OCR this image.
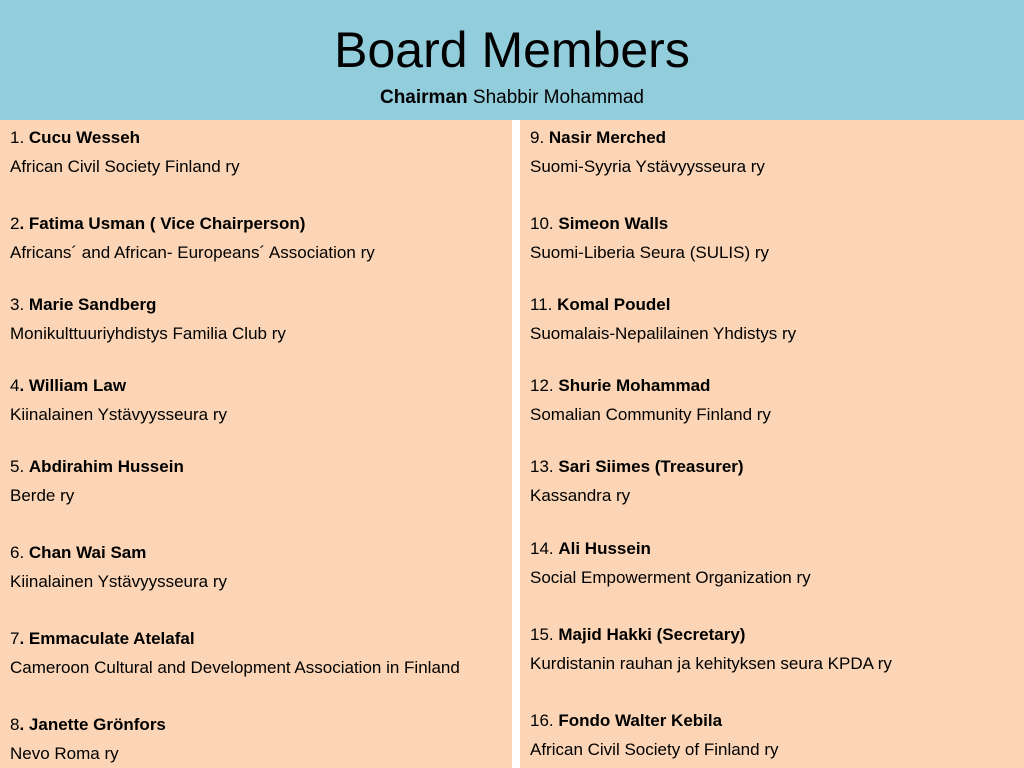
Board Members
Chairman Shabbir Mohammad
1. Cucu Wesseh
African Civil Society Finland ry
2. Fatima Usman ( Vice Chairperson)
Africans´ and African- Europeans´ Association ry
3. Marie Sandberg
Monikulttuuriyhdistys Familia Club ry
4. William Law
Kiinalainen Ystävyysseura ry
5. Abdirahim Hussein
Berde ry
6. Chan Wai Sam
Kiinalainen Ystävyysseura ry
7. Emmaculate Atelafal
Cameroon Cultural and Development Association in Finland
8. Janette Grönfors
Nevo Roma ry
9. Nasir Merched
Suomi-Syyria Ystävyysseura ry
10. Simeon Walls
Suomi-Liberia Seura (SULIS) ry
11. Komal Poudel
Suomalais-Nepalilainen Yhdistys ry
12. Shurie Mohammad
Somalian Community Finland ry
13. Sari Siimes (Treasurer)
Kassandra ry
14. Ali Hussein
Social Empowerment Organization ry
15. Majid Hakki (Secretary)
Kurdistanin rauhan ja kehityksen seura KPDA ry
16. Fondo Walter Kebila
African Civil Society of Finland ry
